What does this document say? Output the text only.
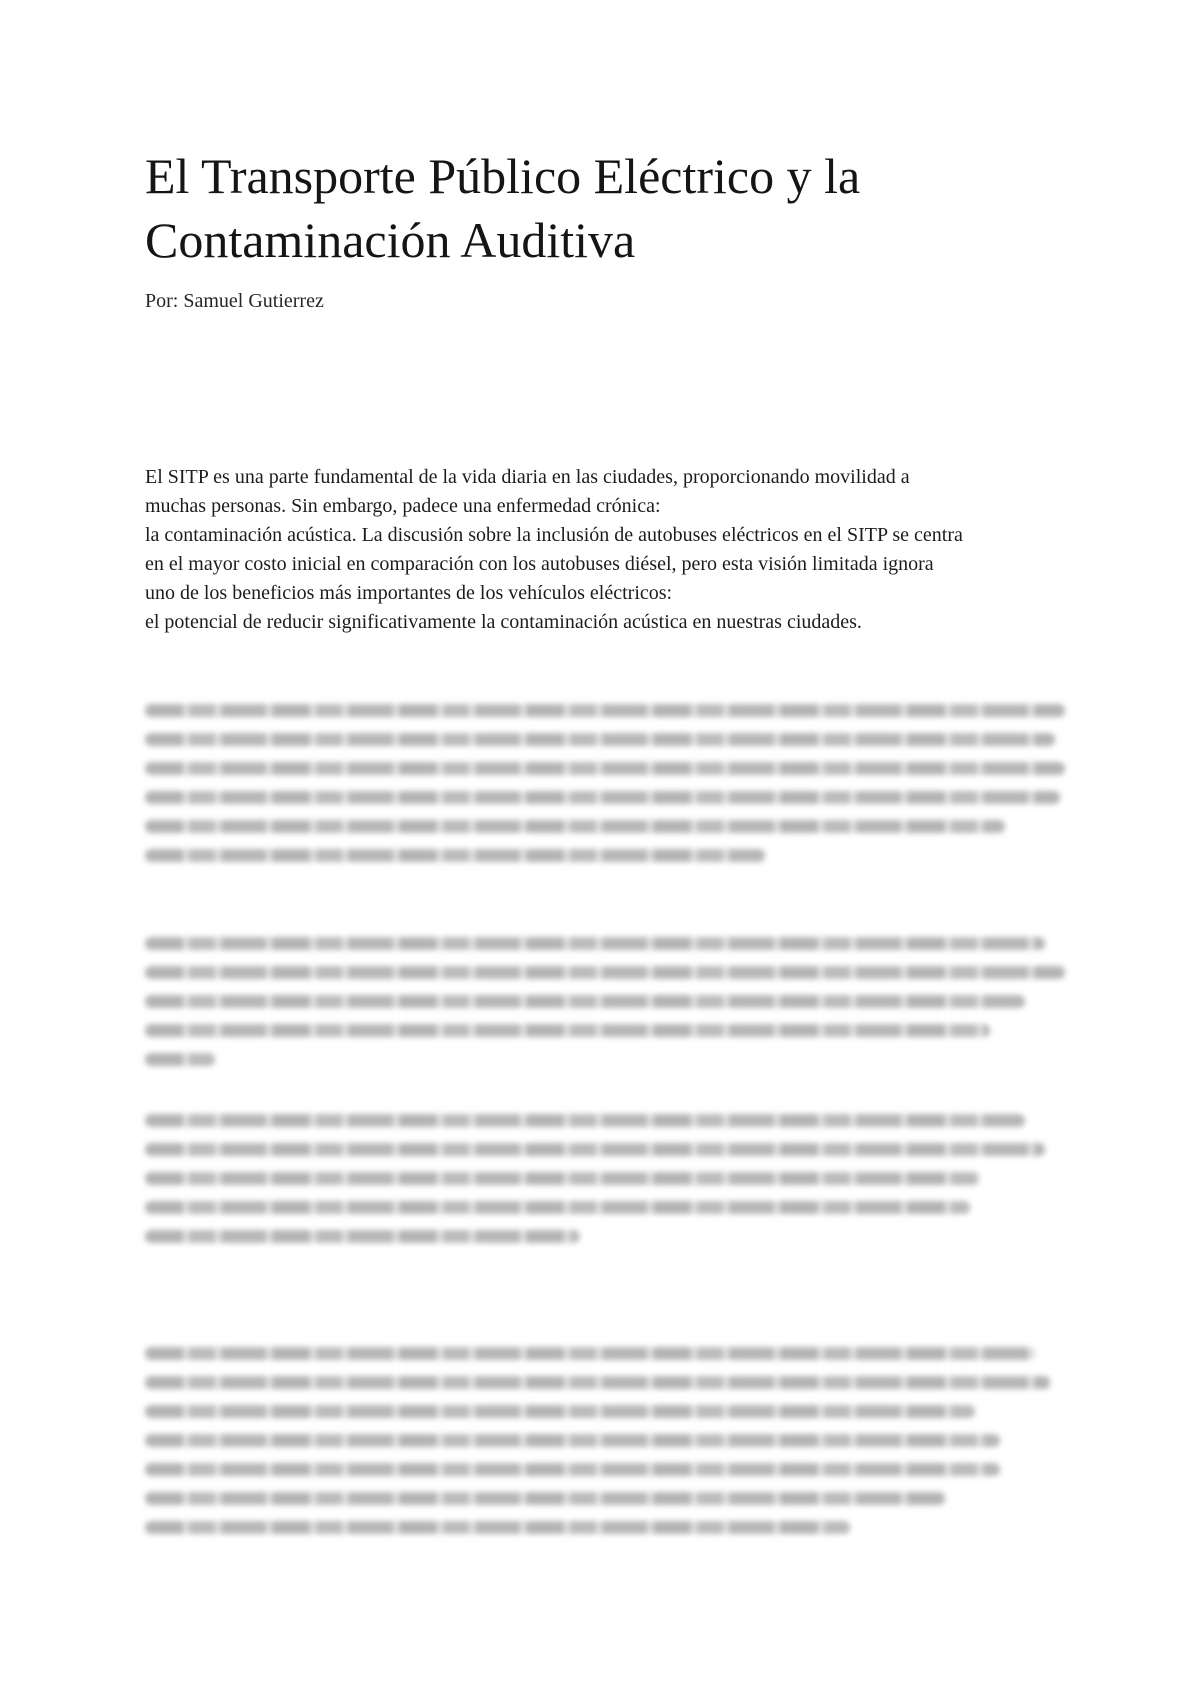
El Transporte Público Eléctrico y la
Contaminación Auditiva

Por: Samuel Gutierrez

El SITP es una parte fundamental de la vida diaria en las ciudades, proporcionando movilidad a
muchas personas. Sin embargo, padece una enfermedad crónica:
la contaminación acústica. La discusión sobre la inclusión de autobuses eléctricos en el SITP se centra
en el mayor costo inicial en comparación con los autobuses diésel, pero esta visión limitada ignora
uno de los beneficios más importantes de los vehículos eléctricos:
el potencial de reducir significativamente la contaminación acústica en nuestras ciudades.
